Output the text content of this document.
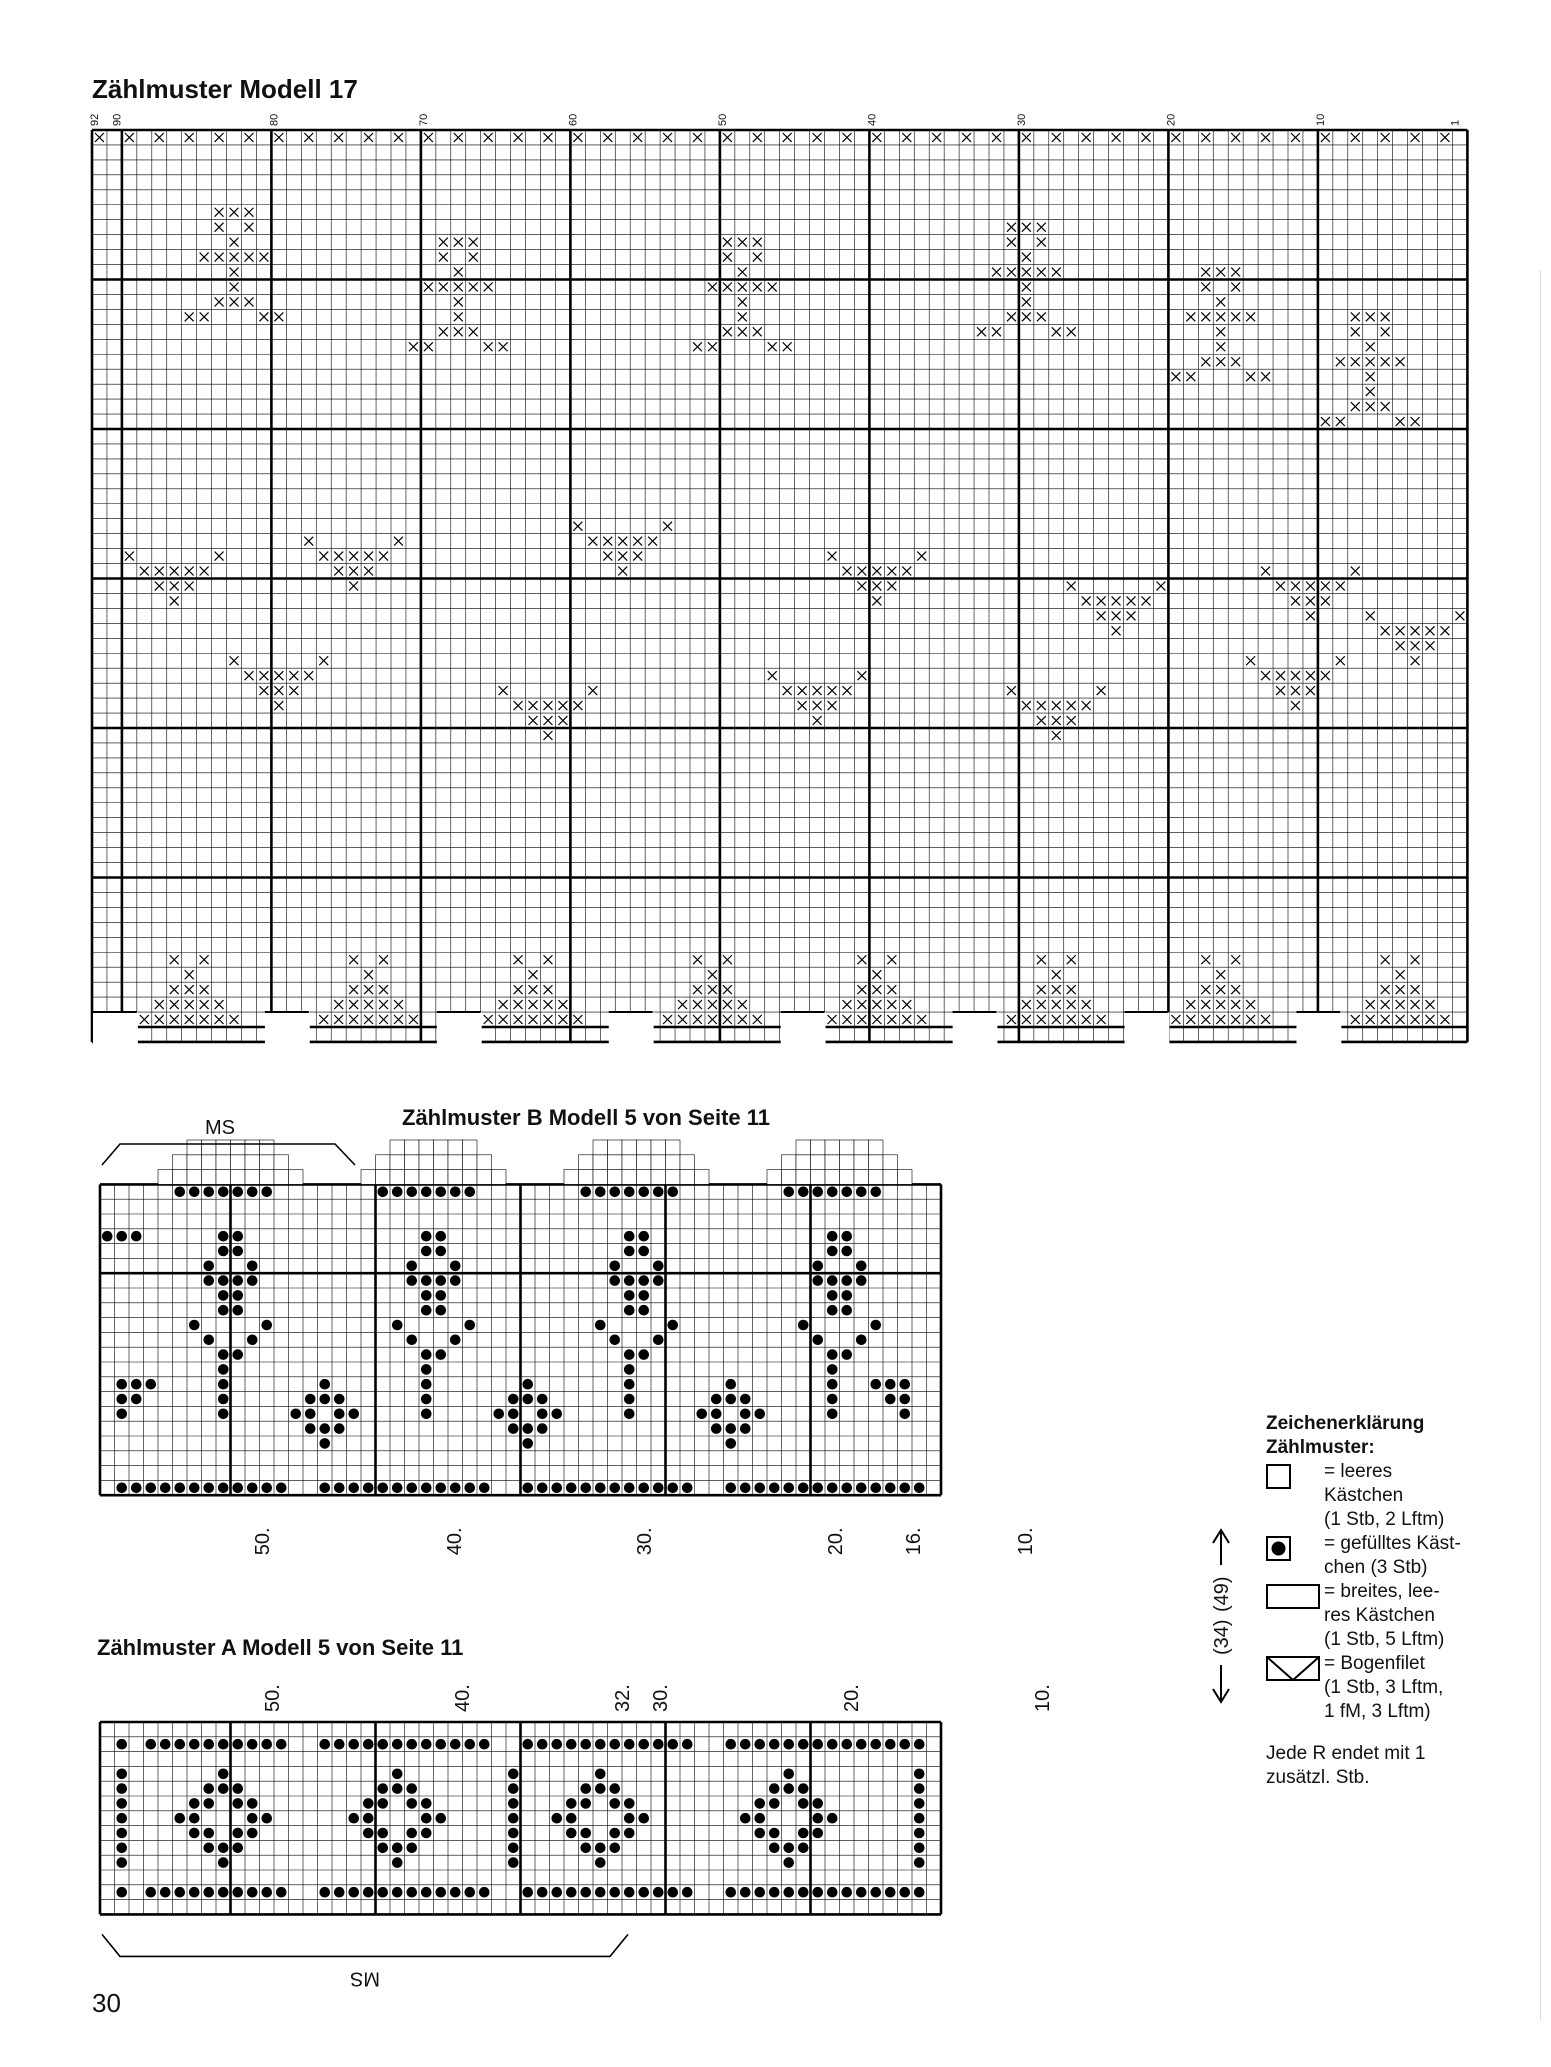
Zählmuster Modell 17
Zählmuster B Modell 5 von Seite 11
Zählmuster A Modell 5 von Seite 11
92 90	80	70	60	50	40	30	20	10	1
MS
50.	40.	30.	20.	16.	10.
(49)
MS
50.	40.	32. 30.	20.	10.
(34)
Zeichenerklärung
Zählmuster:
= leeres Kästchen
(1 Stb, 2 Lftm)
= gefülltes Käst-
chen (3 Stb)
= breites, lee-
res Kästchen
(1 Stb, 5 Lftm)
= Bogenfilet
(1 Stb, 3 Lftm,
1 fM, 3 Lftm)
Jede R endet mit 1
zusätzl. Stb.
30
